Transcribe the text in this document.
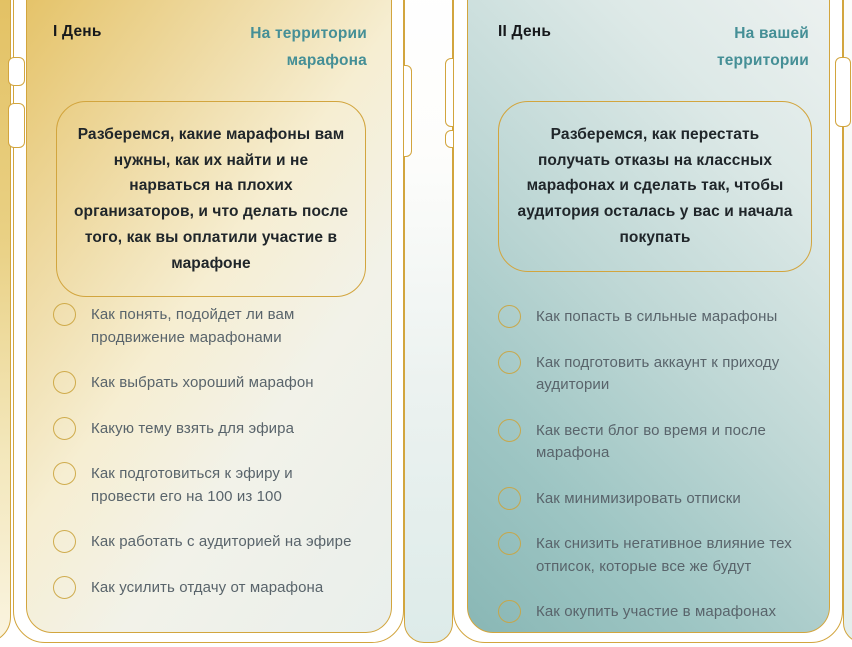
I День	На территории
марафона
Разберемся, какие марафоны вам нужны, как их найти и не нарваться на плохих организаторов, и что делать после того, как вы оплатили участие в марафоне
Как понять, подойдет ли вам продвижение марафонами
Как выбрать хороший марафон
Какую тему взять для эфира
Как подготовиться к эфиру и провести его на 100 из 100
Как работать с аудиторией на эфире
Как усилить отдачу от марафона
II День	На вашей
территории
Разберемся, как перестать получать отказы на классных марафонах и сделать так, чтобы аудитория осталась у вас и начала покупать
Как попасть в сильные марафоны
Как подготовить аккаунт к приходу аудитории
Как вести блог во время и после марафона
Как минимизировать отписки
Как снизить негативное влияние тех отписок, которые все же будут
Как окупить участие в марафонах
